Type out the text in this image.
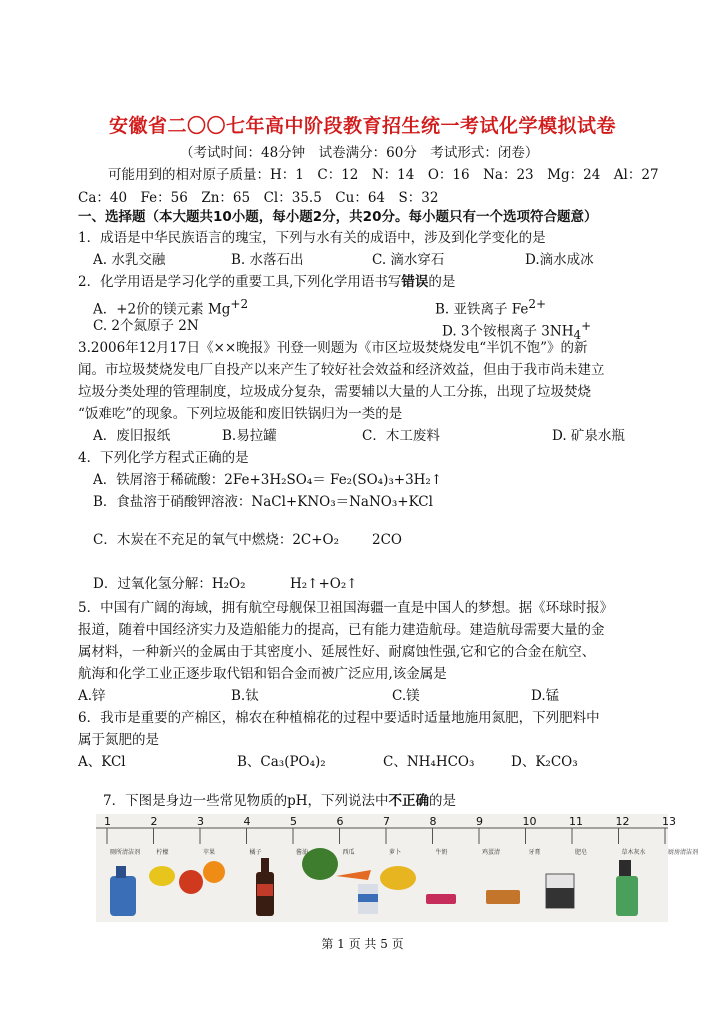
安徽省二〇〇七年高中阶段教育招生统一考试化学模拟试卷
（考试时间：48分钟　试卷满分：60分　考试形式：闭卷）
可能用到的相对原子质量：H：1　C：12　N：14　O：16　Na：23　Mg：24　Al：27
Ca：40　Fe：56　Zn：65　Cl：35.5　Cu：64　S：32
一、选择题（本大题共10小题，每小题2分，共20分。每小题只有一个选项符合题意）
1．成语是中华民族语言的瑰宝，下列与水有关的成语中，涉及到化学变化的是
A. 水乳交融	B. 水落石出	C. 滴水穿石	D.滴水成冰
2．化学用语是学习化学的重要工具,下列化学用语书写错误的是
A．+2价的镁元素 $Mg^{+2}$	B. 亚铁离子 $Fe^{2+}$
C. 2个氮原子 2N	D. 3个铵根离子 $3NH_4^+$
3.2006年12月17日《××晚报》刊登一则题为《市区垃圾焚烧发电“半饥不饱”》的新
闻。市垃圾焚烧发电厂自投产以来产生了较好社会效益和经济效益，但由于我市尚未建立
垃圾分类处理的管理制度，垃圾成分复杂，需要辅以大量的人工分拣，出现了垃圾焚烧
“饭难吃”的现象。下列垃圾能和废旧铁锅归为一类的是
A．废旧报纸	B.易拉罐	C．木工废料	D. 矿泉水瓶
4．下列化学方程式正确的是
A．铁屑溶于稀硫酸：2Fe+3H₂SO₄＝ Fe₂(SO₄)₃+3H₂↑
B．食盐溶于硝酸钾溶液：NaCl+KNO₃＝NaNO₃+KCl
C．木炭在不充足的氧气中燃烧：2C+O₂ 2CO
D．过氧化氢分解：H₂O₂	H₂↑+O₂↑
5．中国有广阔的海域，拥有航空母舰保卫祖国海疆一直是中国人的梦想。据《环球时报》
报道，随着中国经济实力及造船能力的提高，已有能力建造航母。建造航母需要大量的金
属材料，一种新兴的金属由于其密度小、延展性好、耐腐蚀性强,它和它的合金在航空、
航海和化学工业正逐步取代铝和铝合金而被广泛应用,该金属是
A.锌	B.钛	C.镁	D.锰
6．我市是重要的产棉区，棉农在种植棉花的过程中要适时适量地施用氮肥，下列肥料中
属于氮肥的是
A、KCl	B、Ca₃(PO₄)₂	C、NH₄HCO₃	D、K₂CO₃
7．下图是身边一些常见物质的pH，下列说法中不正确的是
1	2	3	4	5	6	7	8	9	10	11	12	13
厕所清洁剂	柠檬	苹果	橘子	酱油	西瓜	萝卜	牛奶	鸡蛋清	牙膏	肥皂	草木灰水	厨房清洁剂
第 1 页 共 5 页
